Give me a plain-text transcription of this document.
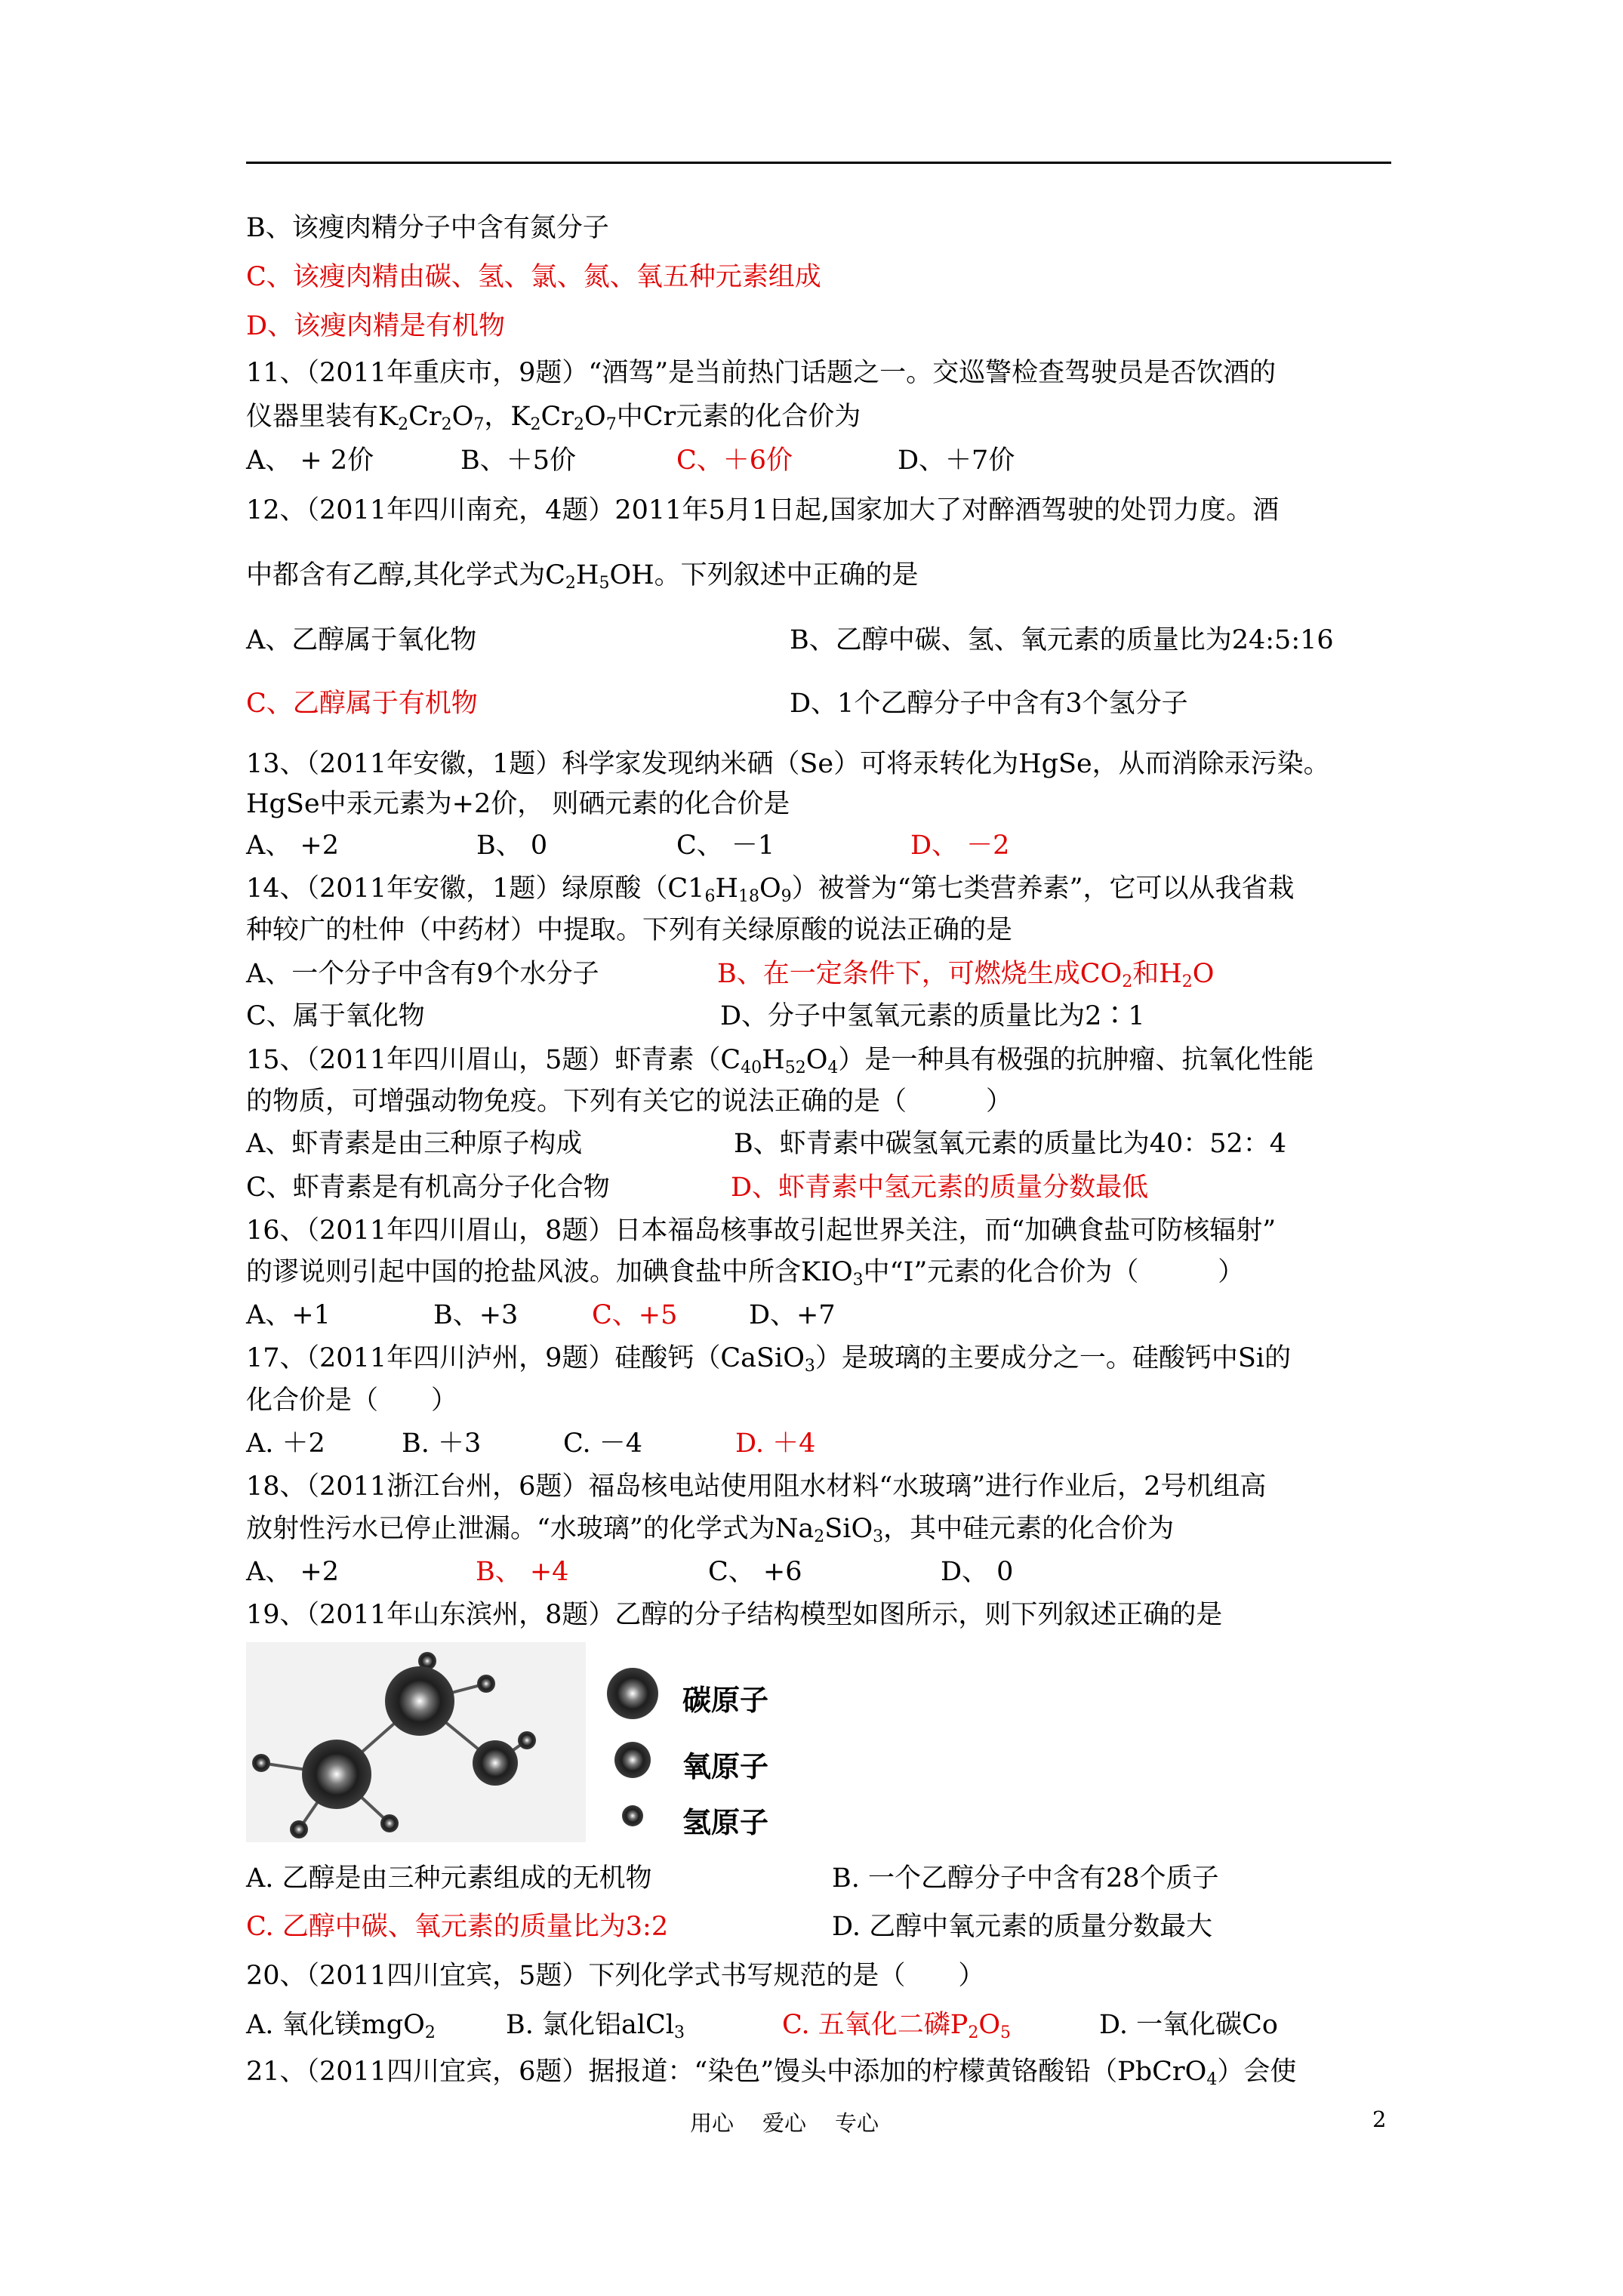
B、该瘦肉精分子中含有氮分子
C、该瘦肉精由碳、氢、氯、氮、氧五种元素组成
D、该瘦肉精是有机物
11、（2011年重庆市，9题）“酒驾”是当前热门话题之一。交巡警检查驾驶员是否饮酒的
仪器里装有$K_2Cr_2O_7$，$K_2Cr_2O_7$中Cr元素的化合价为
A、 + 2价	B、＋5价	C、＋6价	D、＋7价
12、（2011年四川南充，4题）2011年5月1日起,国家加大了对醉酒驾驶的处罚力度。酒
中都含有乙醇,其化学式为$C_2H_5OH$。下列叙述中正确的是
A、乙醇属于氧化物	B、乙醇中碳、氢、氧元素的质量比为24:5:16
C、乙醇属于有机物	D、1个乙醇分子中含有3个氢分子
13、（2011年安徽，1题）科学家发现纳米硒（Se）可将汞转化为HgSe，从而消除汞污染。
HgSe中汞元素为+2价， 则硒元素的化合价是
A、 +2	B、 0	C、 －1	D、 －2
14、（2011年安徽，1题）绿原酸$(C1_6H_{18}O_9)$被誉为“第七类营养素”，它可以从我省栽
种较广的杜仲（中药材）中提取。下列有关绿原酸的说法正确的是
A、一个分子中含有9个水分子	B、在一定条件下，可燃烧生成$CO_2$和$H_2O$
C、属于氧化物	D、分子中氢氧元素的质量比为2∶1
15、（2011年四川眉山，5题）虾青素$(C_{40}H_{52}O_4)$是一种具有极强的抗肿瘤、抗氧化性能
的物质，可增强动物免疫。下列有关它的说法正确的是（　　　）
A、虾青素是由三种原子构成	B、虾青素中碳氢氧元素的质量比为40：52：4
C、虾青素是有机高分子化合物	D、虾青素中氢元素的质量分数最低
16、（2011年四川眉山，8题）日本福岛核事故引起世界关注，而“加碘食盐可防核辐射”
的谬说则引起中国的抢盐风波。加碘食盐中所含$KIO_3$中“I”元素的化合价为（　　　）
A、+1	B、+3	C、+5	D、+7
17、（2011年四川泸州，9题）硅酸钙（CaSiO$_3$）是玻璃的主要成分之一。硅酸钙中Si的
化合价是（　　）
A. ＋2	B. ＋3	C. －4	D. ＋4
18、（2011浙江台州，6题）福岛核电站使用阻水材料“水玻璃”进行作业后，2号机组高
放射性污水已停止泄漏。“水玻璃”的化学式为$Na_2SiO_3$，其中硅元素的化合价为
A、 +2	B、 +4	C、 +6	D、 0
19、（2011年山东滨州，8题）乙醇的分子结构模型如图所示，则下列叙述正确的是
碳原子
氧原子
氢原子
A. 乙醇是由三种元素组成的无机物	B. 一个乙醇分子中含有28个质子
C. 乙醇中碳、氧元素的质量比为3:2	D. 乙醇中氧元素的质量分数最大
20、（2011四川宜宾，5题）下列化学式书写规范的是（　　）
A. 氧化镁mgO$_2$	B. 氯化铝alCl$_3$	C. 五氧化二磷$P_2O_5$	D. 一氧化碳Co
21、（2011四川宜宾，6题）据报道：“染色”馒头中添加的柠檬黄铬酸铅（PbCrO$_4$）会使
用心 爱心 专心	2
